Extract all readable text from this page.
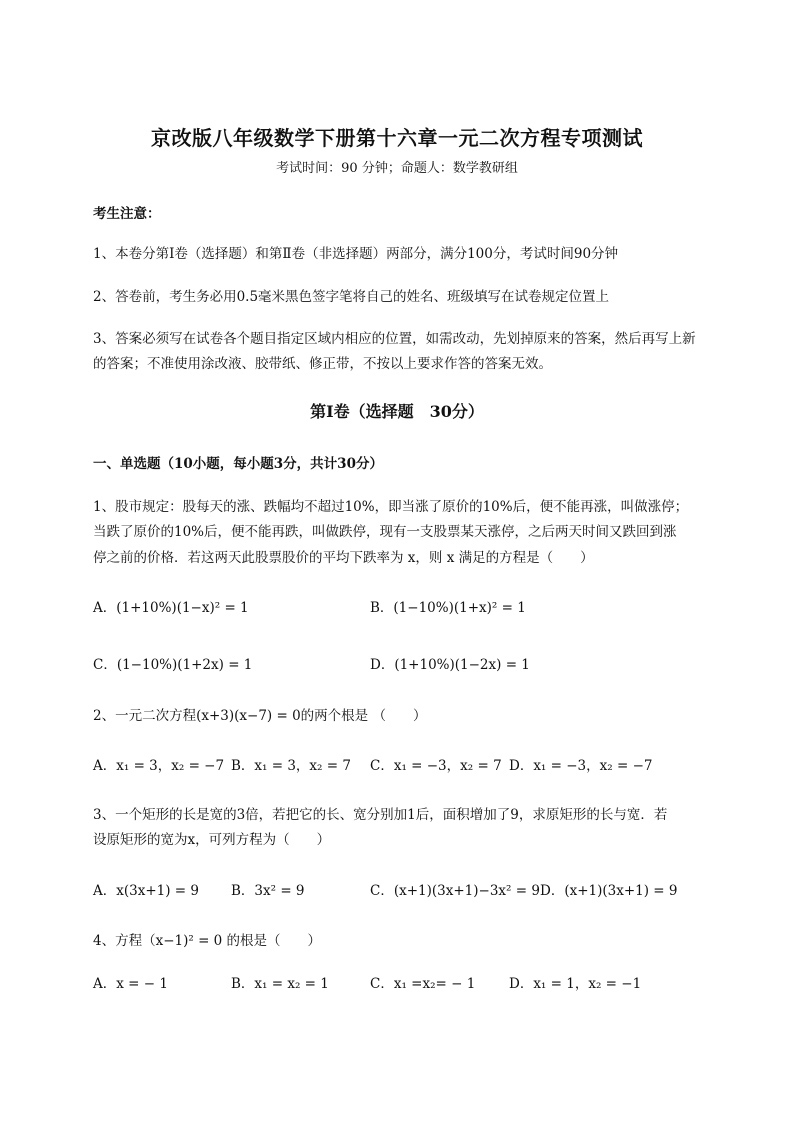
京改版八年级数学下册第十六章一元二次方程专项测试
考试时间：90 分钟；命题人：数学教研组
考生注意：
1、本卷分第Ⅰ卷（选择题）和第Ⅱ卷（非选择题）两部分，满分100分，考试时间90分钟
2、答卷前，考生务必用0.5毫米黑色签字笔将自己的姓名、班级填写在试卷规定位置上
3、答案必须写在试卷各个题目指定区域内相应的位置，如需改动，先划掉原来的答案，然后再写上新
的答案；不准使用涂改液、胶带纸、修正带，不按以上要求作答的答案无效。
第Ⅰ卷（选择题　30分）
一、单选题（10小题，每小题3分，共计30分）
1、股市规定：股每天的涨、跌幅均不超过10%，即当涨了原价的10%后，便不能再涨，叫做涨停；
当跌了原价的10%后，便不能再跌，叫做跌停，现有一支股票某天涨停，之后两天时间又跌回到涨
停之前的价格．若这两天此股票股价的平均下跌率为 x，则 x 满足的方程是（　　）
A．(1+10%)(1−x)² = 1	B．(1−10%)(1+x)² = 1
C．(1−10%)(1+2x) = 1	D．(1+10%)(1−2x) = 1
2、一元二次方程(x+3)(x−7) = 0的两个根是 （　　）
A．x₁ = 3，x₂ = −7 B．x₁ = 3，x₂ = 7 C．x₁ = −3，x₂ = 7 D．x₁ = −3，x₂ = −7
3、一个矩形的长是宽的3倍，若把它的长、宽分别加1后，面积增加了9，求原矩形的长与宽．若
设原矩形的宽为x，可列方程为（　　）
A．x(3x+1) = 9 B．3x² = 9	C．(x+1)(3x+1)−3x² = 9 D．(x+1)(3x+1) = 9
4、方程（x−1)² = 0 的根是（　　）
A．x = − 1	B．x₁ = x₂ = 1	C．x₁ =x₂= − 1 D．x₁ = 1，x₂ = −1
